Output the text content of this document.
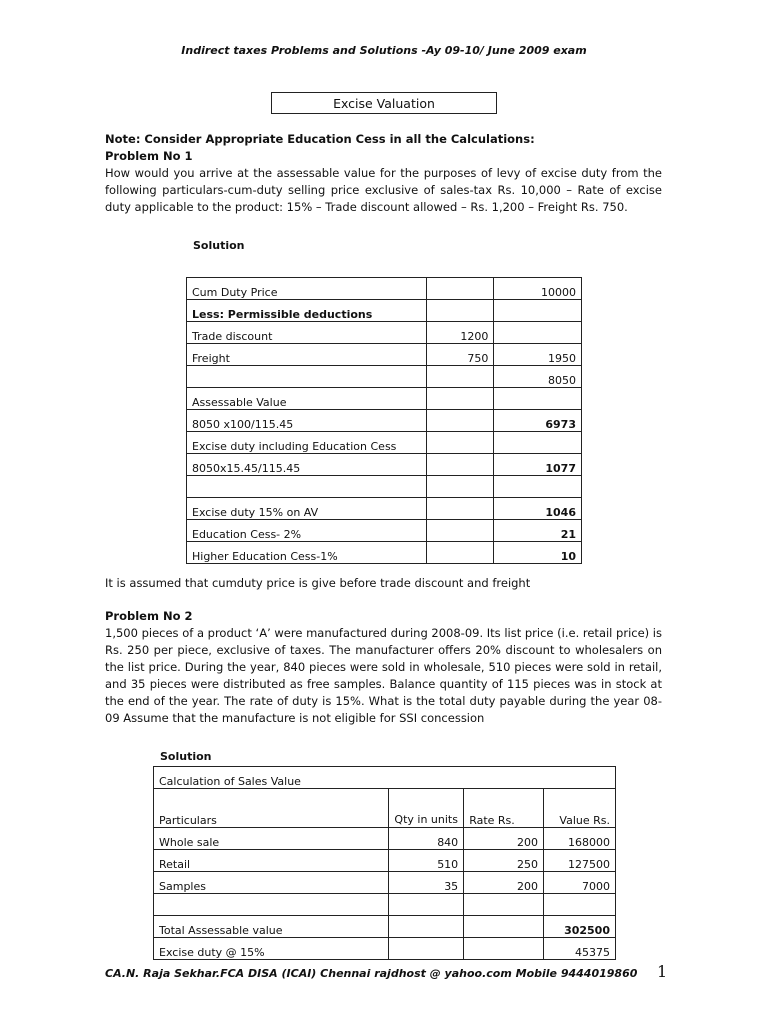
Indirect taxes Problems and Solutions -Ay 09-10/ June 2009 exam
Excise Valuation
Note: Consider Appropriate Education Cess in all the Calculations:
Problem No 1
How would you arrive at the assessable value for the purposes of levy of excise duty from the following particulars-cum-duty selling price exclusive of sales-tax Rs. 10,000 – Rate of excise duty applicable to the product: 15% – Trade discount allowed – Rs. 1,200 – Freight Rs. 750.
Solution
Cum Duty Price		10000
Less: Permissible deductions		
Trade discount	1200	
Freight	750	1950
		8050
Assessable Value		
8050 x100/115.45		6973
Excise duty including Education Cess		
8050x15.45/115.45		1077

Excise duty 15% on AV		1046
Education Cess- 2%		21
Higher Education Cess-1%		10
It is assumed that cumduty price is give before trade discount and freight
Problem No 2
1,500 pieces of a product ‘A’ were manufactured during 2008-09. Its list price (i.e. retail price) is Rs. 250 per piece, exclusive of taxes. The manufacturer offers 20% discount to wholesalers on the list price. During the year, 840 pieces were sold in wholesale, 510 pieces were sold in retail, and 35 pieces were distributed as free samples. Balance quantity of 115 pieces was in stock at the end of the year. The rate of duty is 15%. What is the total duty payable during the year 08-09 Assume that the manufacture is not eligible for SSI concession
Solution
Calculation of Sales Value			
Particulars	Qty in units	Rate Rs.	Value Rs.
Whole sale	840	200	168000
Retail	510	250	127500
Samples	35	200	7000

Total Assessable value			302500
Excise duty @ 15%			45375
CA.N. Raja Sekhar.FCA DISA (ICAI) Chennai rajdhost @ yahoo.com Mobile 9444019860 1
